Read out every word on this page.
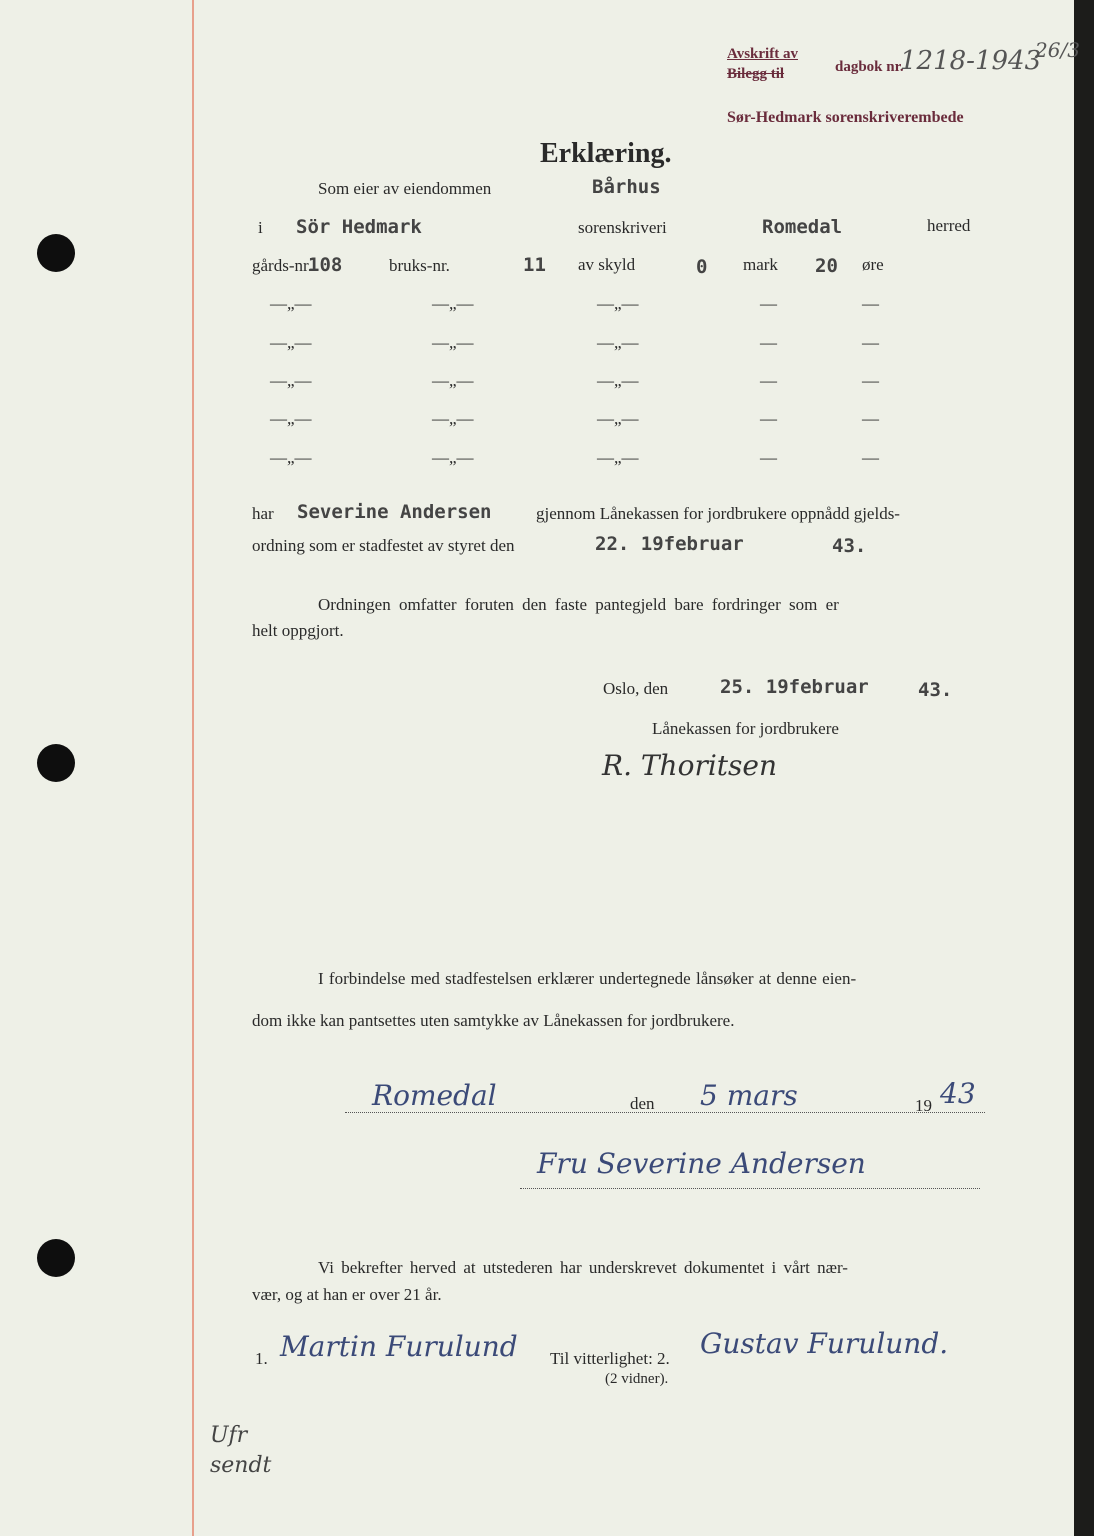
Avskrift av
Bilegg til	dagbok nr.
1218-1943
26/3
Sør-Hedmark sorenskriverembede
Erklæring.
Som eier av eiendommen	Bårhus
i Sör Hedmark	sorenskriveri	Romedal	herred
gårds-nr.
108	bruks-nr.	11 av skyld	0 mark 20 øre
—„—	—„—	—„—	—	—
—„—	—„—	—„—	—	—
—„—	—„—	—„—	—	—
—„—	—„—	—„—	—	—
—„—	—„—	—„—	—	—
har Severine Andersen	gjennom Lånekassen for jordbrukere oppnådd gjelds-
ordning som er stadfestet av styret den	22. 19februar	43.
Ordningen omfatter foruten den faste pantegjeld bare fordringer som er
helt oppgjort.
Oslo, den	25. 19februar	43.
Lånekassen for jordbrukere
R. Thoritsen
I forbindelse med stadfestelsen erklærer undertegnede lånsøker at denne eien-
dom ikke kan pantsettes uten samtykke av Lånekassen for jordbrukere.
Romedal	den 5 mars	19 43
Fru Severine Andersen
Vi bekrefter herved at utstederen har underskrevet dokumentet i vårt nær-
vær, og at han er over 21 år.
1. Martin Furulund Til vitterlighet: 2. Gustav Furulund.
(2 vidner).
Ufr
sendt
